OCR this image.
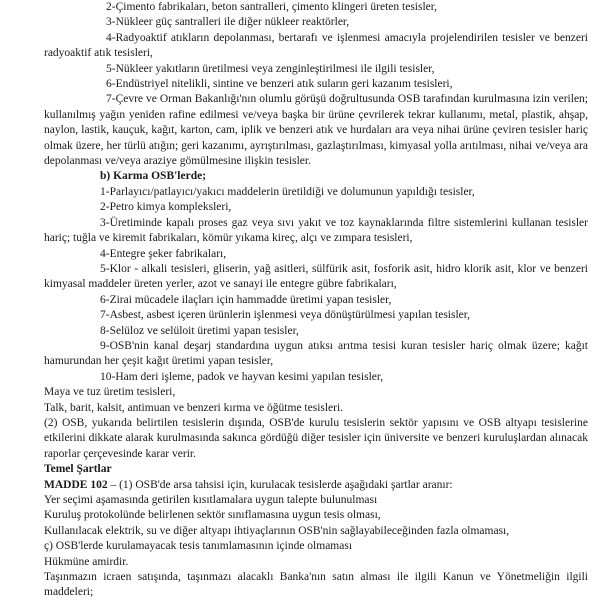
2-Çimento fabrikaları, beton santralleri, çimento klingeri üreten tesisler,

3-Nükleer güç santralleri ile diğer nükleer reaktörler,

4-Radyoaktif atıkların depolanması, bertarafı ve işlenmesi amacıyla projelendirilen tesisler ve benzeri radyoaktif atık tesisleri,

5-Nükleer yakıtların üretilmesi veya zenginleştirilmesi ile ilgili tesisler,

6-Endüstriyel nitelikli, sintine ve benzeri atık suların geri kazanım tesisleri,

7-Çevre ve Orman Bakanlığı'nın olumlu görüşü doğrultusunda OSB tarafından kurulmasına izin verilen; kullanılmış yağın yeniden rafine edilmesi ve/veya başka bir ürüne çevrilerek tekrar kullanımı, metal, plastik, ahşap, naylon, lastik, kauçuk, kağıt, karton, cam, iplik ve benzeri atık ve hurdaları ara veya nihai ürüne çeviren tesisler hariç olmak üzere, her türlü atığın; geri kazanımı, ayrıştırılması, gazlaştırılması, kimyasal yolla arıtılması, nihai ve/veya ara depolanması ve/veya araziye gömülmesine ilişkin tesisler.

b) Karma OSB'lerde;

1-Parlayıcı/patlayıcı/yakıcı maddelerin üretildiği ve dolumunun yapıldığı tesisler,

2-Petro kimya kompleksleri,

3-Üretiminde kapalı proses gaz veya sıvı yakıt ve toz kaynaklarında filtre sistemlerini kullanan tesisler hariç; tuğla ve kiremit fabrikaları, kömür yıkama kireç, alçı ve zımpara tesisleri,

4-Entegre şeker fabrikaları,

5-Klor - alkali tesisleri, gliserin, yağ asitleri, sülfürik asit, fosforik asit, hidro klorik asit, klor ve benzeri kimyasal maddeler üreten yerler, azot ve sanayi ile entegre gübre fabrikaları,

6-Zirai mücadele ilaçları için hammadde üretimi yapan tesisler,

7-Asbest, asbest içeren ürünlerin işlenmesi veya dönüştürülmesi yapılan tesisler,

8-Selüloz ve selüloit üretimi yapan tesisler,

9-OSB'nin kanal deşarj standardına uygun atıksı arıtma tesisi kuran tesisler hariç olmak üzere; kağıt hamurundan her çeşit kağıt üretimi yapan tesisler,

10-Ham deri işleme, padok ve hayvan kesimi yapılan tesisler,

Maya ve tuz üretim tesisleri,

Talk, barit, kalsit, antimuan ve benzeri kırma ve öğütme tesisleri.

(2) OSB, yukarıda belirtilen tesislerin dışında, OSB'de kurulu tesislerin sektör yapısını ve OSB altyapı tesislerine etkilerini dikkate alarak kurulmasında sakınca gördüğü diğer tesisler için üniversite ve benzeri kuruluşlardan alınacak raporlar çerçevesinde karar verir.

Temel Şartlar

MADDE 102 – (1) OSB'de arsa tahsisi için, kurulacak tesislerde aşağıdaki şartlar aranır:

Yer seçimi aşamasında getirilen kısıtlamalara uygun talepte bulunulması

Kuruluş protokolünde belirlenen sektör sınıflamasına uygun tesis olması,

Kullanılacak elektrik, su ve diğer altyapı ihtiyaçlarının OSB'nin sağlayabileceğinden fazla olmaması,

ç) OSB'lerde kurulamayacak tesis tanımlamasının içinde olmaması

Hükmüne amirdir.

Taşınmazın icraen satışında, taşınmazı alacaklı Banka'nın satın alması ile ilgili Kanun ve Yönetmeliğin ilgili maddeleri;
